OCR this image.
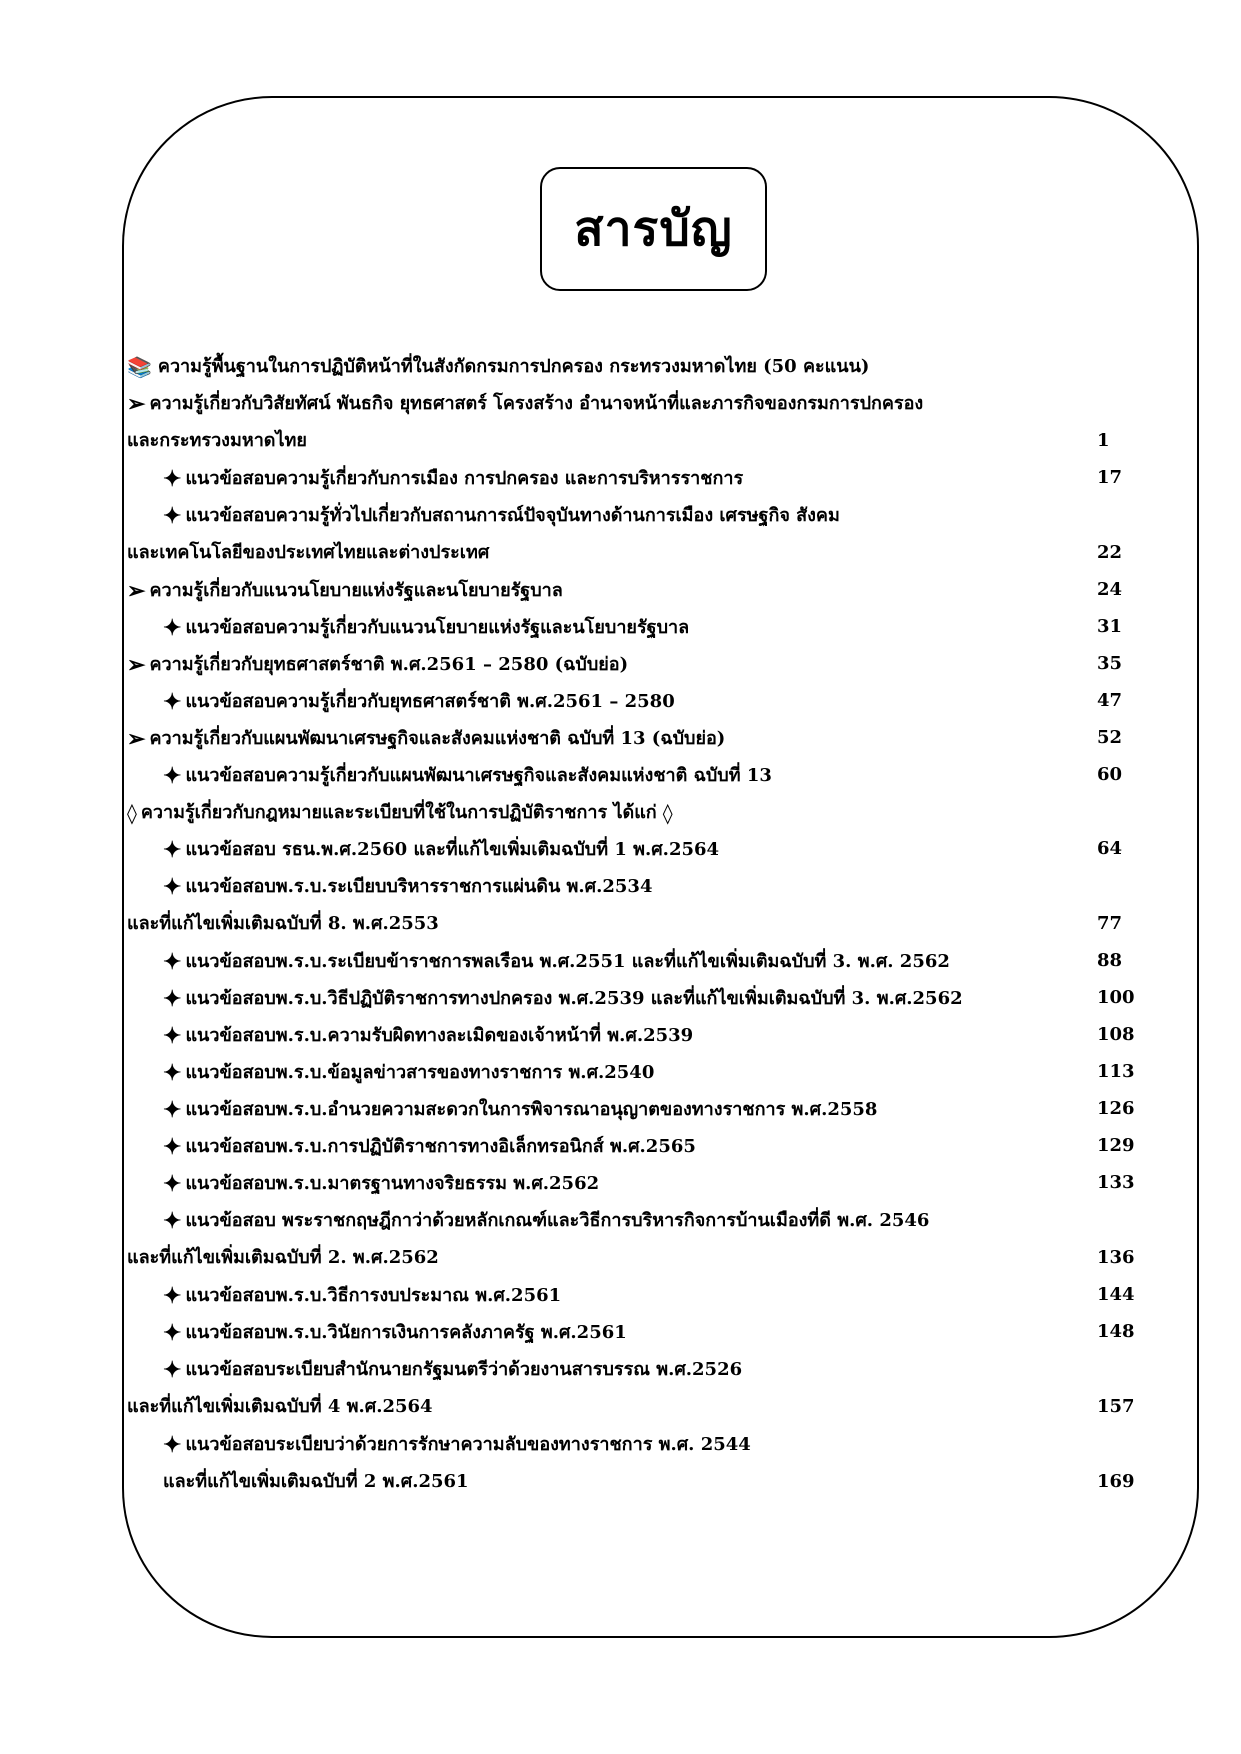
สารบัญ
📚 ความรู้พื้นฐานในการปฏิบัติหน้าที่ในสังกัดกรมการปกครอง กระทรวงมหาดไทย (50 คะแนน)
➢ ความรู้เกี่ยวกับวิสัยทัศน์ พันธกิจ ยุทธศาสตร์ โครงสร้าง อำนาจหน้าที่และภารกิจของกรมการปกครอง
และกระทรวงมหาดไทย	1
✦ แนวข้อสอบความรู้เกี่ยวกับการเมือง การปกครอง และการบริหารราชการ	17
✦ แนวข้อสอบความรู้ทั่วไปเกี่ยวกับสถานการณ์ปัจจุบันทางด้านการเมือง เศรษฐกิจ สังคม
และเทคโนโลยีของประเทศไทยและต่างประเทศ	22
➢ ความรู้เกี่ยวกับแนวนโยบายแห่งรัฐและนโยบายรัฐบาล	24
✦ แนวข้อสอบความรู้เกี่ยวกับแนวนโยบายแห่งรัฐและนโยบายรัฐบาล	31
➢ ความรู้เกี่ยวกับยุทธศาสตร์ชาติ พ.ศ.2561 – 2580 (ฉบับย่อ)	35
✦ แนวข้อสอบความรู้เกี่ยวกับยุทธศาสตร์ชาติ พ.ศ.2561 – 2580	47
➢ ความรู้เกี่ยวกับแผนพัฒนาเศรษฐกิจและสังคมแห่งชาติ ฉบับที่ 13 (ฉบับย่อ)	52
✦ แนวข้อสอบความรู้เกี่ยวกับแผนพัฒนาเศรษฐกิจและสังคมแห่งชาติ ฉบับที่ 13	60
◊ ความรู้เกี่ยวกับกฎหมายและระเบียบที่ใช้ในการปฏิบัติราชการ ได้แก่ ◊
✦ แนวข้อสอบ รธน.พ.ศ.2560 และที่แก้ไขเพิ่มเติมฉบับที่ 1 พ.ศ.2564	64
✦ แนวข้อสอบพ.ร.บ.ระเบียบบริหารราชการแผ่นดิน พ.ศ.2534
และที่แก้ไขเพิ่มเติมฉบับที่ 8. พ.ศ.2553	77
✦ แนวข้อสอบพ.ร.บ.ระเบียบข้าราชการพลเรือน พ.ศ.2551 และที่แก้ไขเพิ่มเติมฉบับที่ 3. พ.ศ. 2562	88
✦ แนวข้อสอบพ.ร.บ.วิธีปฏิบัติราชการทางปกครอง พ.ศ.2539 และที่แก้ไขเพิ่มเติมฉบับที่ 3. พ.ศ.2562	100
✦ แนวข้อสอบพ.ร.บ.ความรับผิดทางละเมิดของเจ้าหน้าที่ พ.ศ.2539	108
✦ แนวข้อสอบพ.ร.บ.ข้อมูลข่าวสารของทางราชการ พ.ศ.2540	113
✦ แนวข้อสอบพ.ร.บ.อำนวยความสะดวกในการพิจารณาอนุญาตของทางราชการ พ.ศ.2558	126
✦ แนวข้อสอบพ.ร.บ.การปฏิบัติราชการทางอิเล็กทรอนิกส์ พ.ศ.2565	129
✦ แนวข้อสอบพ.ร.บ.มาตรฐานทางจริยธรรม พ.ศ.2562	133
✦ แนวข้อสอบ พระราชกฤษฎีกาว่าด้วยหลักเกณฑ์และวิธีการบริหารกิจการบ้านเมืองที่ดี พ.ศ. 2546
และที่แก้ไขเพิ่มเติมฉบับที่ 2. พ.ศ.2562	136
✦ แนวข้อสอบพ.ร.บ.วิธีการงบประมาณ พ.ศ.2561	144
✦ แนวข้อสอบพ.ร.บ.วินัยการเงินการคลังภาครัฐ พ.ศ.2561	148
✦ แนวข้อสอบระเบียบสำนักนายกรัฐมนตรีว่าด้วยงานสารบรรณ พ.ศ.2526
และที่แก้ไขเพิ่มเติมฉบับที่ 4 พ.ศ.2564	157
✦ แนวข้อสอบระเบียบว่าด้วยการรักษาความลับของทางราชการ พ.ศ. 2544
และที่แก้ไขเพิ่มเติมฉบับที่ 2 พ.ศ.2561	169
